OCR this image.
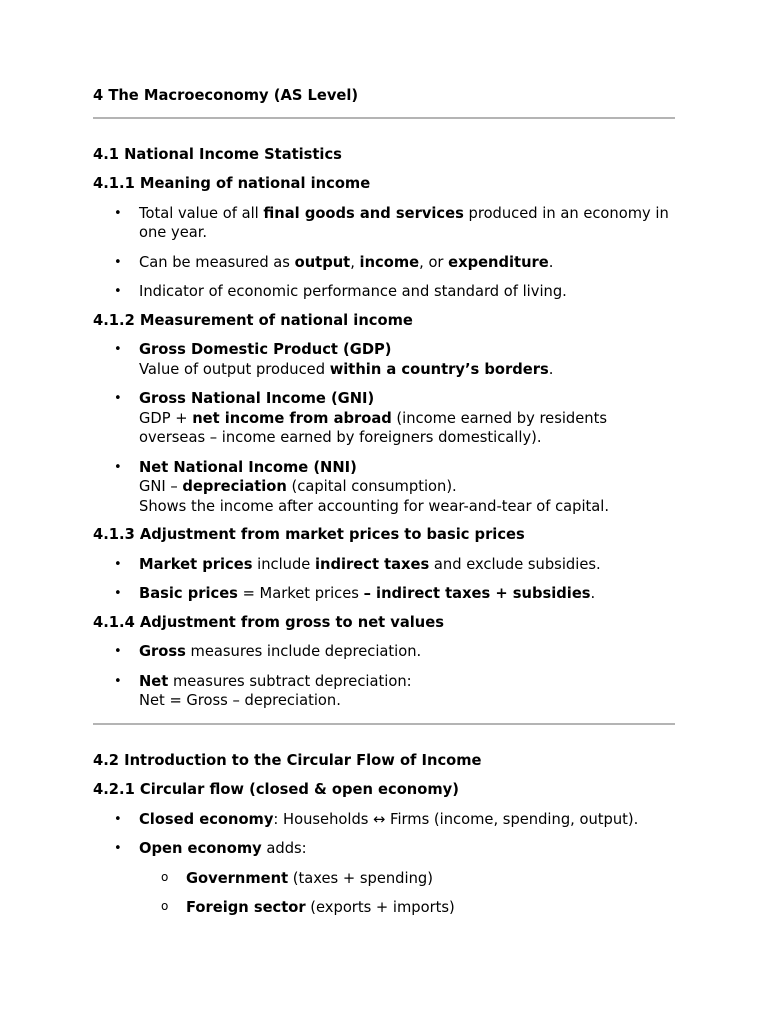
4 The Macroeconomy (AS Level)

4.1 National Income Statistics

4.1.1 Meaning of national income

• Total value of all final goods and services produced in an economy in one year.
• Can be measured as output, income, or expenditure.
• Indicator of economic performance and standard of living.

4.1.2 Measurement of national income

• Gross Domestic Product (GDP)
Value of output produced within a country’s borders.
• Gross National Income (GNI)
GDP + net income from abroad (income earned by residents overseas – income earned by foreigners domestically).
• Net National Income (NNI)
GNI – depreciation (capital consumption).
Shows the income after accounting for wear-and-tear of capital.

4.1.3 Adjustment from market prices to basic prices

• Market prices include indirect taxes and exclude subsidies.
• Basic prices = Market prices – indirect taxes + subsidies.

4.1.4 Adjustment from gross to net values

• Gross measures include depreciation.
• Net measures subtract depreciation:
Net = Gross – depreciation.

4.2 Introduction to the Circular Flow of Income

4.2.1 Circular flow (closed & open economy)

• Closed economy: Households ↔ Firms (income, spending, output).
• Open economy adds:
o Government (taxes + spending)
o Foreign sector (exports + imports)
